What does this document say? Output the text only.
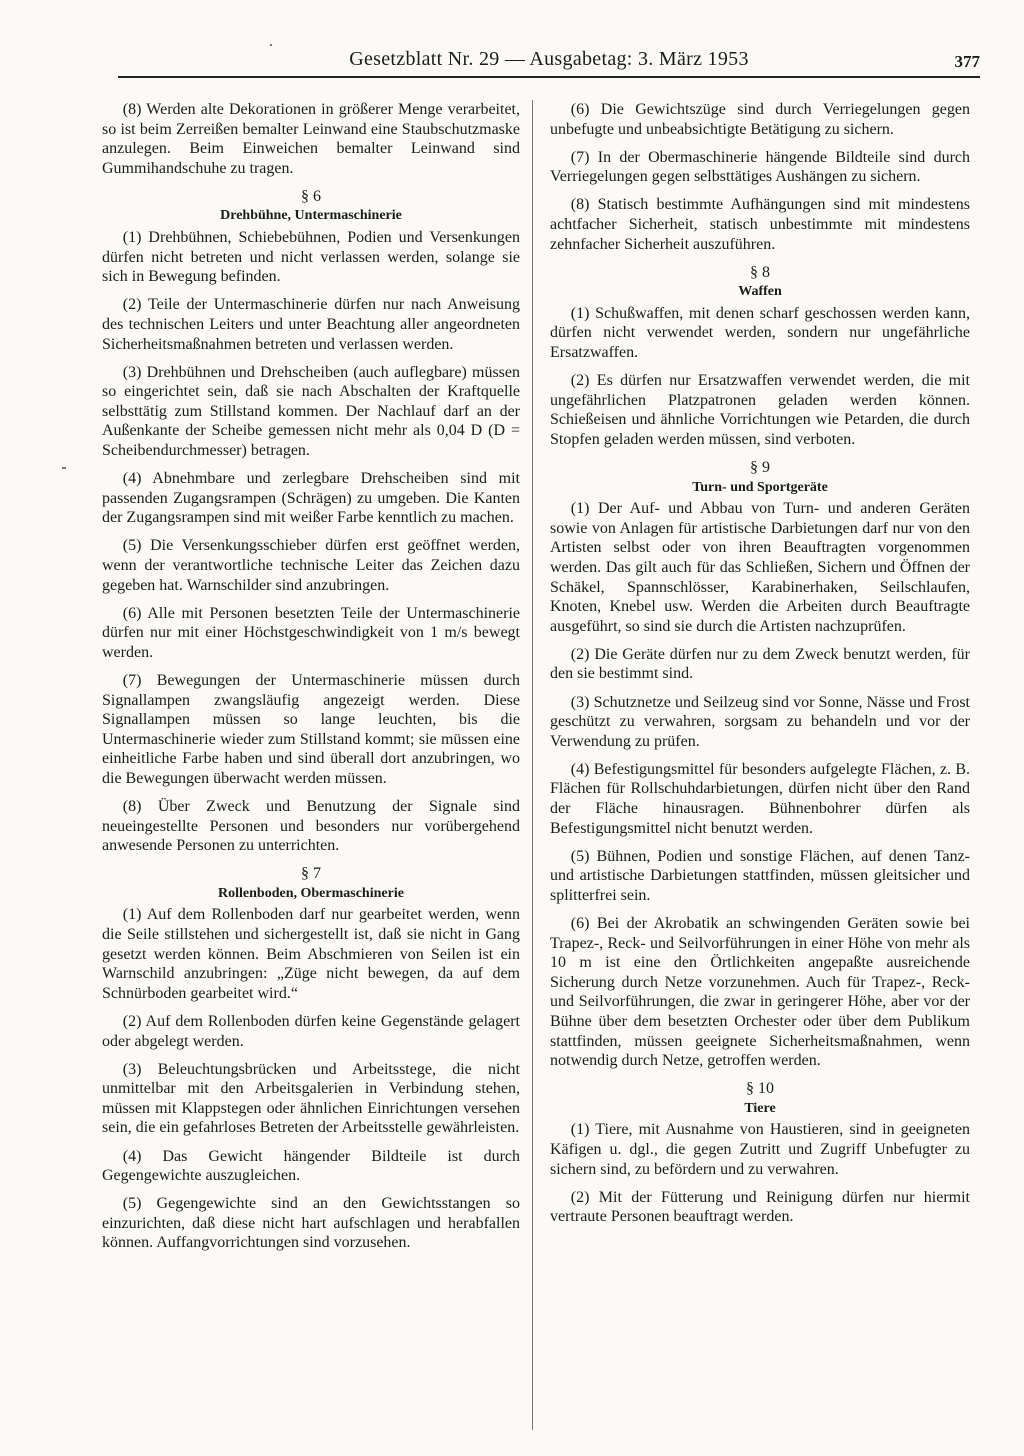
Gesetzblatt Nr. 29 — Ausgabetag: 3. März 1953	377

(8) Werden alte Dekorationen in größerer Menge verarbeitet, so ist beim Zerreißen bemalter Leinwand eine Staubschutzmaske anzulegen. Beim Einweichen bemalter Leinwand sind Gummihandschuhe zu tragen.

§ 6

Drehbühne, Untermaschinerie

(1) Drehbühnen, Schiebebühnen, Podien und Versenkungen dürfen nicht betreten und nicht verlassen werden, solange sie sich in Bewegung befinden.

(2) Teile der Untermaschinerie dürfen nur nach Anweisung des technischen Leiters und unter Beachtung aller angeordneten Sicherheitsmaßnahmen betreten und verlassen werden.

(3) Drehbühnen und Drehscheiben (auch auflegbare) müssen so eingerichtet sein, daß sie nach Abschalten der Kraftquelle selbsttätig zum Stillstand kommen. Der Nachlauf darf an der Außenkante der Scheibe gemessen nicht mehr als 0,04 D (D = Scheibendurchmesser) betragen.

(4) Abnehmbare und zerlegbare Drehscheiben sind mit passenden Zugangsrampen (Schrägen) zu umgeben. Die Kanten der Zugangsrampen sind mit weißer Farbe kenntlich zu machen.

(5) Die Versenkungsschieber dürfen erst geöffnet werden, wenn der verantwortliche technische Leiter das Zeichen dazu gegeben hat. Warnschilder sind anzubringen.

(6) Alle mit Personen besetzten Teile der Untermaschinerie dürfen nur mit einer Höchstgeschwindigkeit von 1 m/s bewegt werden.

(7) Bewegungen der Untermaschinerie müssen durch Signallampen zwangsläufig angezeigt werden. Diese Signallampen müssen so lange leuchten, bis die Untermaschinerie wieder zum Stillstand kommt; sie müssen eine einheitliche Farbe haben und sind überall dort anzubringen, wo die Bewegungen überwacht werden müssen.

(8) Über Zweck und Benutzung der Signale sind neueingestellte Personen und besonders nur vorübergehend anwesende Personen zu unterrichten.

§ 7

Rollenboden, Obermaschinerie

(1) Auf dem Rollenboden darf nur gearbeitet werden, wenn die Seile stillstehen und sichergestellt ist, daß sie nicht in Gang gesetzt werden können. Beim Abschmieren von Seilen ist ein Warnschild anzubringen: „Züge nicht bewegen, da auf dem Schnürboden gearbeitet wird.“

(2) Auf dem Rollenboden dürfen keine Gegenstände gelagert oder abgelegt werden.

(3) Beleuchtungsbrücken und Arbeitsstege, die nicht unmittelbar mit den Arbeitsgalerien in Verbindung stehen, müssen mit Klappstegen oder ähnlichen Einrichtungen versehen sein, die ein gefahrloses Betreten der Arbeitsstelle gewährleisten.

(4) Das Gewicht hängender Bildteile ist durch Gegengewichte auszugleichen.

(5) Gegengewichte sind an den Gewichtsstangen so einzurichten, daß diese nicht hart aufschlagen und herabfallen können. Auffangvorrichtungen sind vorzusehen.

(6) Die Gewichtszüge sind durch Verriegelungen gegen unbefugte und unbeabsichtigte Betätigung zu sichern.

(7) In der Obermaschinerie hängende Bildteile sind durch Verriegelungen gegen selbsttätiges Aushängen zu sichern.

(8) Statisch bestimmte Aufhängungen sind mit mindestens achtfacher Sicherheit, statisch unbestimmte mit mindestens zehnfacher Sicherheit auszuführen.

§ 8

Waffen

(1) Schußwaffen, mit denen scharf geschossen werden kann, dürfen nicht verwendet werden, sondern nur ungefährliche Ersatzwaffen.

(2) Es dürfen nur Ersatzwaffen verwendet werden, die mit ungefährlichen Platzpatronen geladen werden können. Schießeisen und ähnliche Vorrichtungen wie Petarden, die durch Stopfen geladen werden müssen, sind verboten.

§ 9

Turn- und Sportgeräte

(1) Der Auf- und Abbau von Turn- und anderen Geräten sowie von Anlagen für artistische Darbietungen darf nur von den Artisten selbst oder von ihren Beauftragten vorgenommen werden. Das gilt auch für das Schließen, Sichern und Öffnen der Schäkel, Spannschlösser, Karabinerhaken, Seilschlaufen, Knoten, Knebel usw. Werden die Arbeiten durch Beauftragte ausgeführt, so sind sie durch die Artisten nachzuprüfen.

(2) Die Geräte dürfen nur zu dem Zweck benutzt werden, für den sie bestimmt sind.

(3) Schutznetze und Seilzeug sind vor Sonne, Nässe und Frost geschützt zu verwahren, sorgsam zu behandeln und vor der Verwendung zu prüfen.

(4) Befestigungsmittel für besonders aufgelegte Flächen, z. B. Flächen für Rollschuhdarbietungen, dürfen nicht über den Rand der Fläche hinausragen. Bühnenbohrer dürfen als Befestigungsmittel nicht benutzt werden.

(5) Bühnen, Podien und sonstige Flächen, auf denen Tanz- und artistische Darbietungen stattfinden, müssen gleitsicher und splitterfrei sein.

(6) Bei der Akrobatik an schwingenden Geräten sowie bei Trapez-, Reck- und Seilvorführungen in einer Höhe von mehr als 10 m ist eine den Örtlichkeiten angepaßte ausreichende Sicherung durch Netze vorzunehmen. Auch für Trapez-, Reck- und Seilvorführungen, die zwar in geringerer Höhe, aber vor der Bühne über dem besetzten Orchester oder über dem Publikum stattfinden, müssen geeignete Sicherheitsmaßnahmen, wenn notwendig durch Netze, getroffen werden.

§ 10

Tiere

(1) Tiere, mit Ausnahme von Haustieren, sind in geeigneten Käfigen u. dgl., die gegen Zutritt und Zugriff Unbefugter zu sichern sind, zu befördern und zu verwahren.

(2) Mit der Fütterung und Reinigung dürfen nur hiermit vertraute Personen beauftragt werden.
